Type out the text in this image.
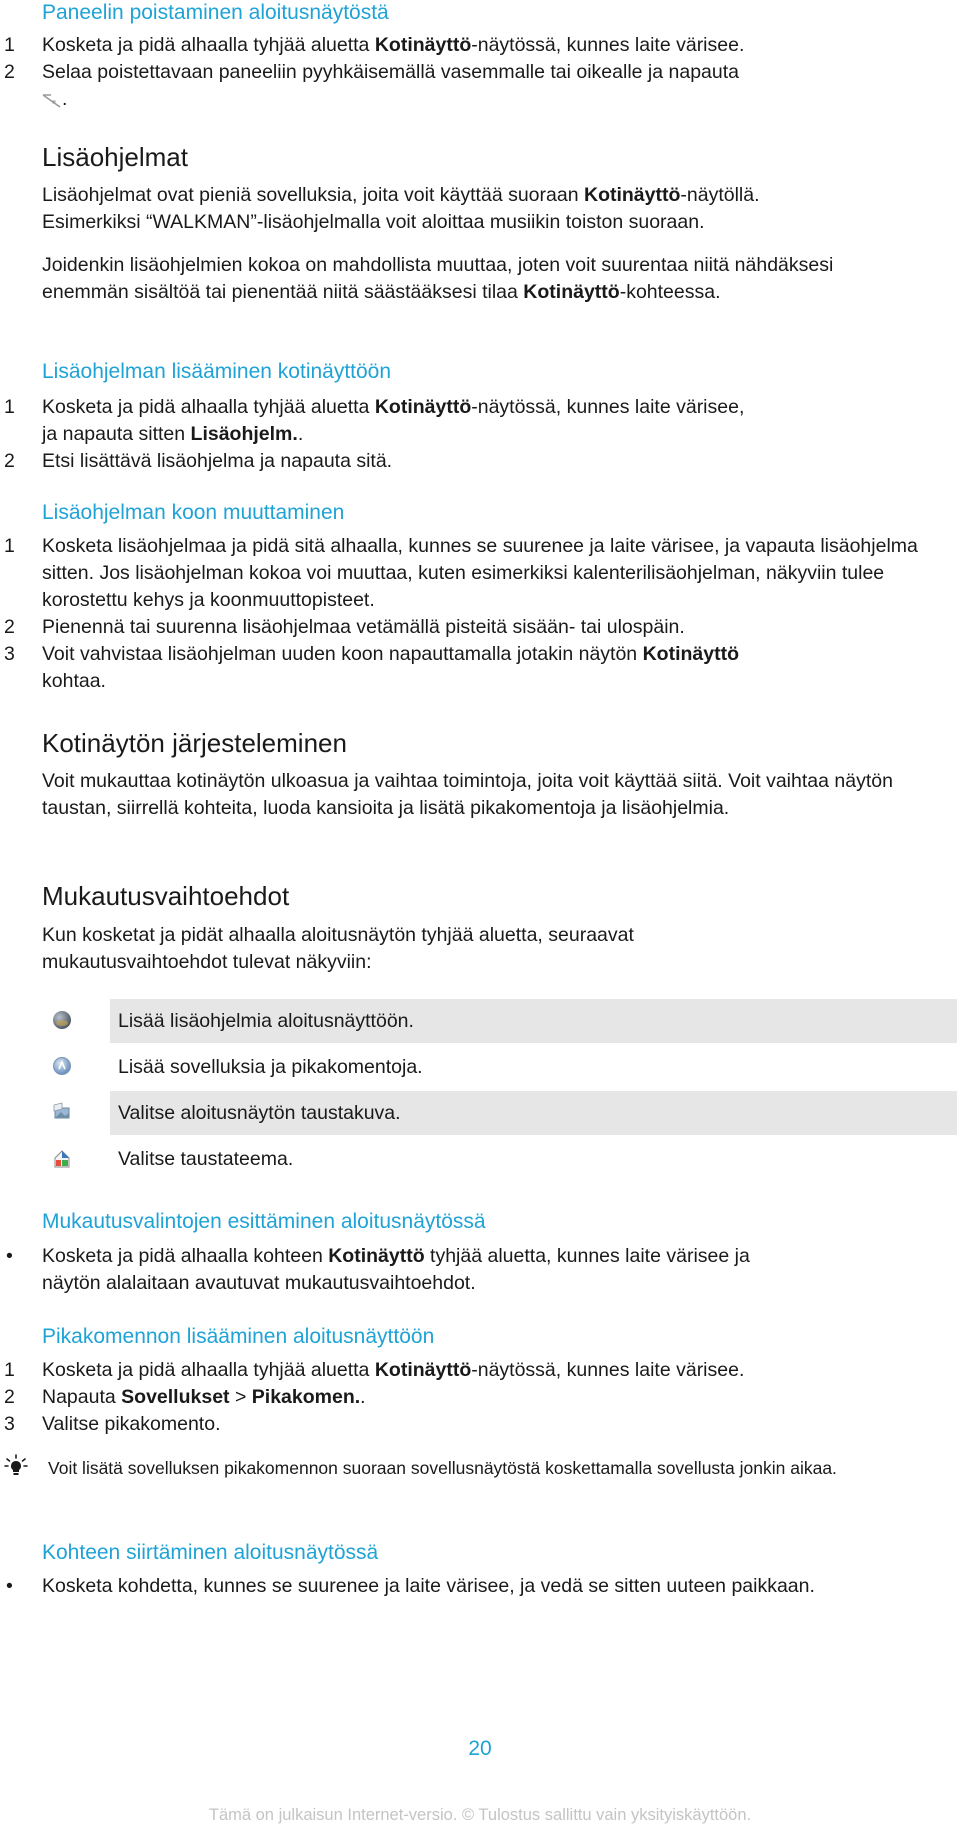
Paneelin poistaminen aloitusnäytöstä
1 Kosketa ja pidä alhaalla tyhjää aluetta Kotinäyttö-näytössä, kunnes laite värisee.
2 Selaa poistettavaan paneeliin pyyhkäisemällä vasemmalle tai oikealle ja napauta
.
Lisäohjelmat
Lisäohjelmat ovat pieniä sovelluksia, joita voit käyttää suoraan Kotinäyttö-näytöllä.
Esimerkiksi “WALKMAN”-lisäohjelmalla voit aloittaa musiikin toiston suoraan.
Joidenkin lisäohjelmien kokoa on mahdollista muuttaa, joten voit suurentaa niitä nähdäksesi enemmän sisältöä tai pienentää niitä säästääksesi tilaa Kotinäyttö-kohteessa.
Lisäohjelman lisääminen kotinäyttöön
1 Kosketa ja pidä alhaalla tyhjää aluetta Kotinäyttö-näytössä, kunnes laite värisee,
ja napauta sitten Lisäohjelm..
2 Etsi lisättävä lisäohjelma ja napauta sitä.
Lisäohjelman koon muuttaminen
1 Kosketa lisäohjelmaa ja pidä sitä alhaalla, kunnes se suurenee ja laite värisee, ja vapauta lisäohjelma sitten. Jos lisäohjelman kokoa voi muuttaa, kuten esimerkiksi kalenterilisäohjelman, näkyviin tulee korostettu kehys ja koonmuuttopisteet.
2 Pienennä tai suurenna lisäohjelmaa vetämällä pisteitä sisään- tai ulospäin.
3 Voit vahvistaa lisäohjelman uuden koon napauttamalla jotakin näytön Kotinäyttö
kohtaa.
Kotinäytön järjesteleminen
Voit mukauttaa kotinäytön ulkoasua ja vaihtaa toimintoja, joita voit käyttää siitä. Voit vaihtaa näytön taustan, siirrellä kohteita, luoda kansioita ja lisätä pikakomentoja ja lisäohjelmia.
Mukautusvaihtoehdot
Kun kosketat ja pidät alhaalla aloitusnäytön tyhjää aluetta, seuraavat mukautusvaihtoehdot tulevat näkyviin:
Lisää lisäohjelmia aloitusnäyttöön.
Lisää sovelluksia ja pikakomentoja.
Valitse aloitusnäytön taustakuva.
Valitse taustateema.
Mukautusvalintojen esittäminen aloitusnäytössä
• Kosketa ja pidä alhaalla kohteen Kotinäyttö tyhjää aluetta, kunnes laite värisee ja
näytön alalaitaan avautuvat mukautusvaihtoehdot.
Pikakomennon lisääminen aloitusnäyttöön
1 Kosketa ja pidä alhaalla tyhjää aluetta Kotinäyttö-näytössä, kunnes laite värisee.
2 Napauta Sovellukset > Pikakomen..
3 Valitse pikakomento.
Voit lisätä sovelluksen pikakomennon suoraan sovellusnäytöstä koskettamalla sovellusta jonkin aikaa.
Kohteen siirtäminen aloitusnäytössä
• Kosketa kohdetta, kunnes se suurenee ja laite värisee, ja vedä se sitten uuteen paikkaan.
20
Tämä on julkaisun Internet-versio. © Tulostus sallittu vain yksityiskäyttöön.
